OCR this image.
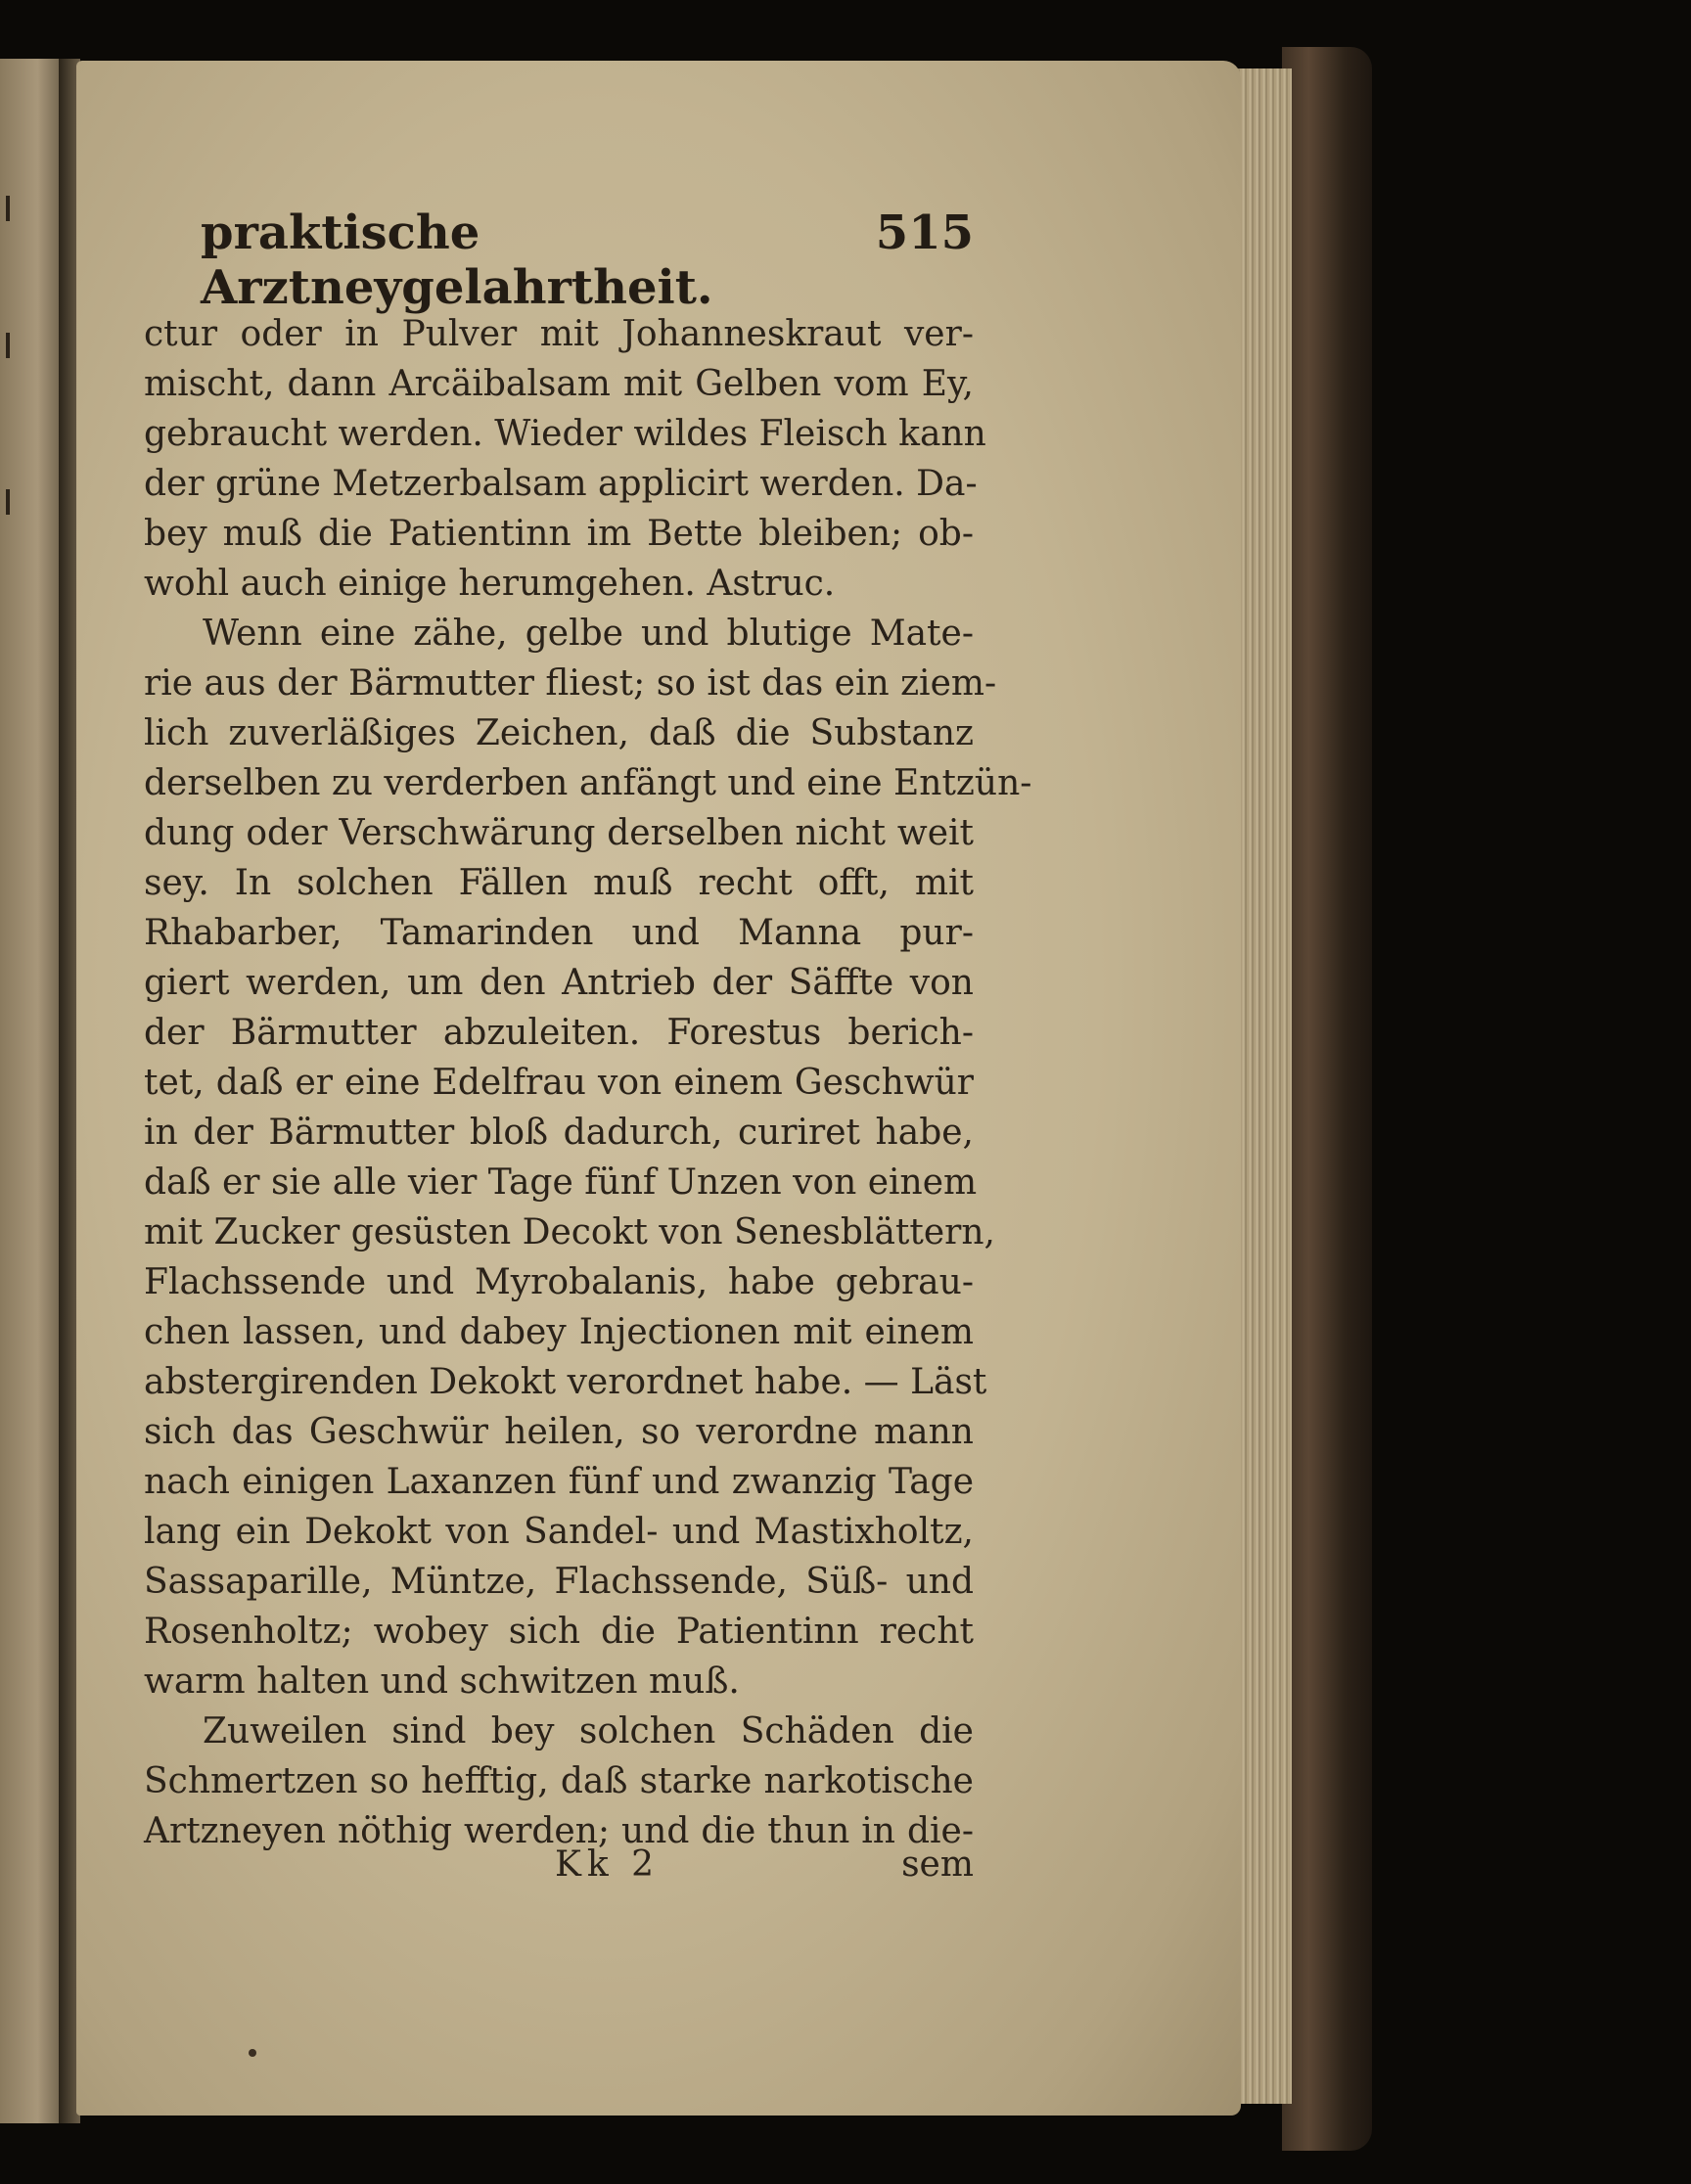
praktische Arztneygelahrtheit.
515
ctur oder in Pulver mit Johanneskraut ver-
mischt, dann Arcäibalsam mit Gelben vom Ey,
gebraucht werden. Wieder wildes Fleisch kann
der grüne Metzerbalsam applicirt werden. Da-
bey muß die Patientinn im Bette bleiben; ob-
wohl auch einige herumgehen. Astruc.
Wenn eine zähe, gelbe und blutige Mate-
rie aus der Bärmutter fliest; so ist das ein ziem-
lich zuverläßiges Zeichen, daß die Substanz
derselben zu verderben anfängt und eine Entzün-
dung oder Verschwärung derselben nicht weit
sey. In solchen Fällen muß recht offt, mit
Rhabarber, Tamarinden und Manna pur-
giert werden, um den Antrieb der Säffte von
der Bärmutter abzuleiten. Forestus berich-
tet, daß er eine Edelfrau von einem Geschwür
in der Bärmutter bloß dadurch, curiret habe,
daß er sie alle vier Tage fünf Unzen von einem
mit Zucker gesüsten Decokt von Senesblättern,
Flachssende und Myrobalanis, habe gebrau-
chen lassen, und dabey Injectionen mit einem
abstergirenden Dekokt verordnet habe. — Läst
sich das Geschwür heilen, so verordne mann
nach einigen Laxanzen fünf und zwanzig Tage
lang ein Dekokt von Sandel- und Mastixholtz,
Sassaparille, Müntze, Flachssende, Süß- und
Rosenholtz; wobey sich die Patientinn recht
warm halten und schwitzen muß.
Zuweilen sind bey solchen Schäden die
Schmertzen so hefftig, daß starke narkotische
Artzneyen nöthig werden; und die thun in die-
Kk 2	sem
